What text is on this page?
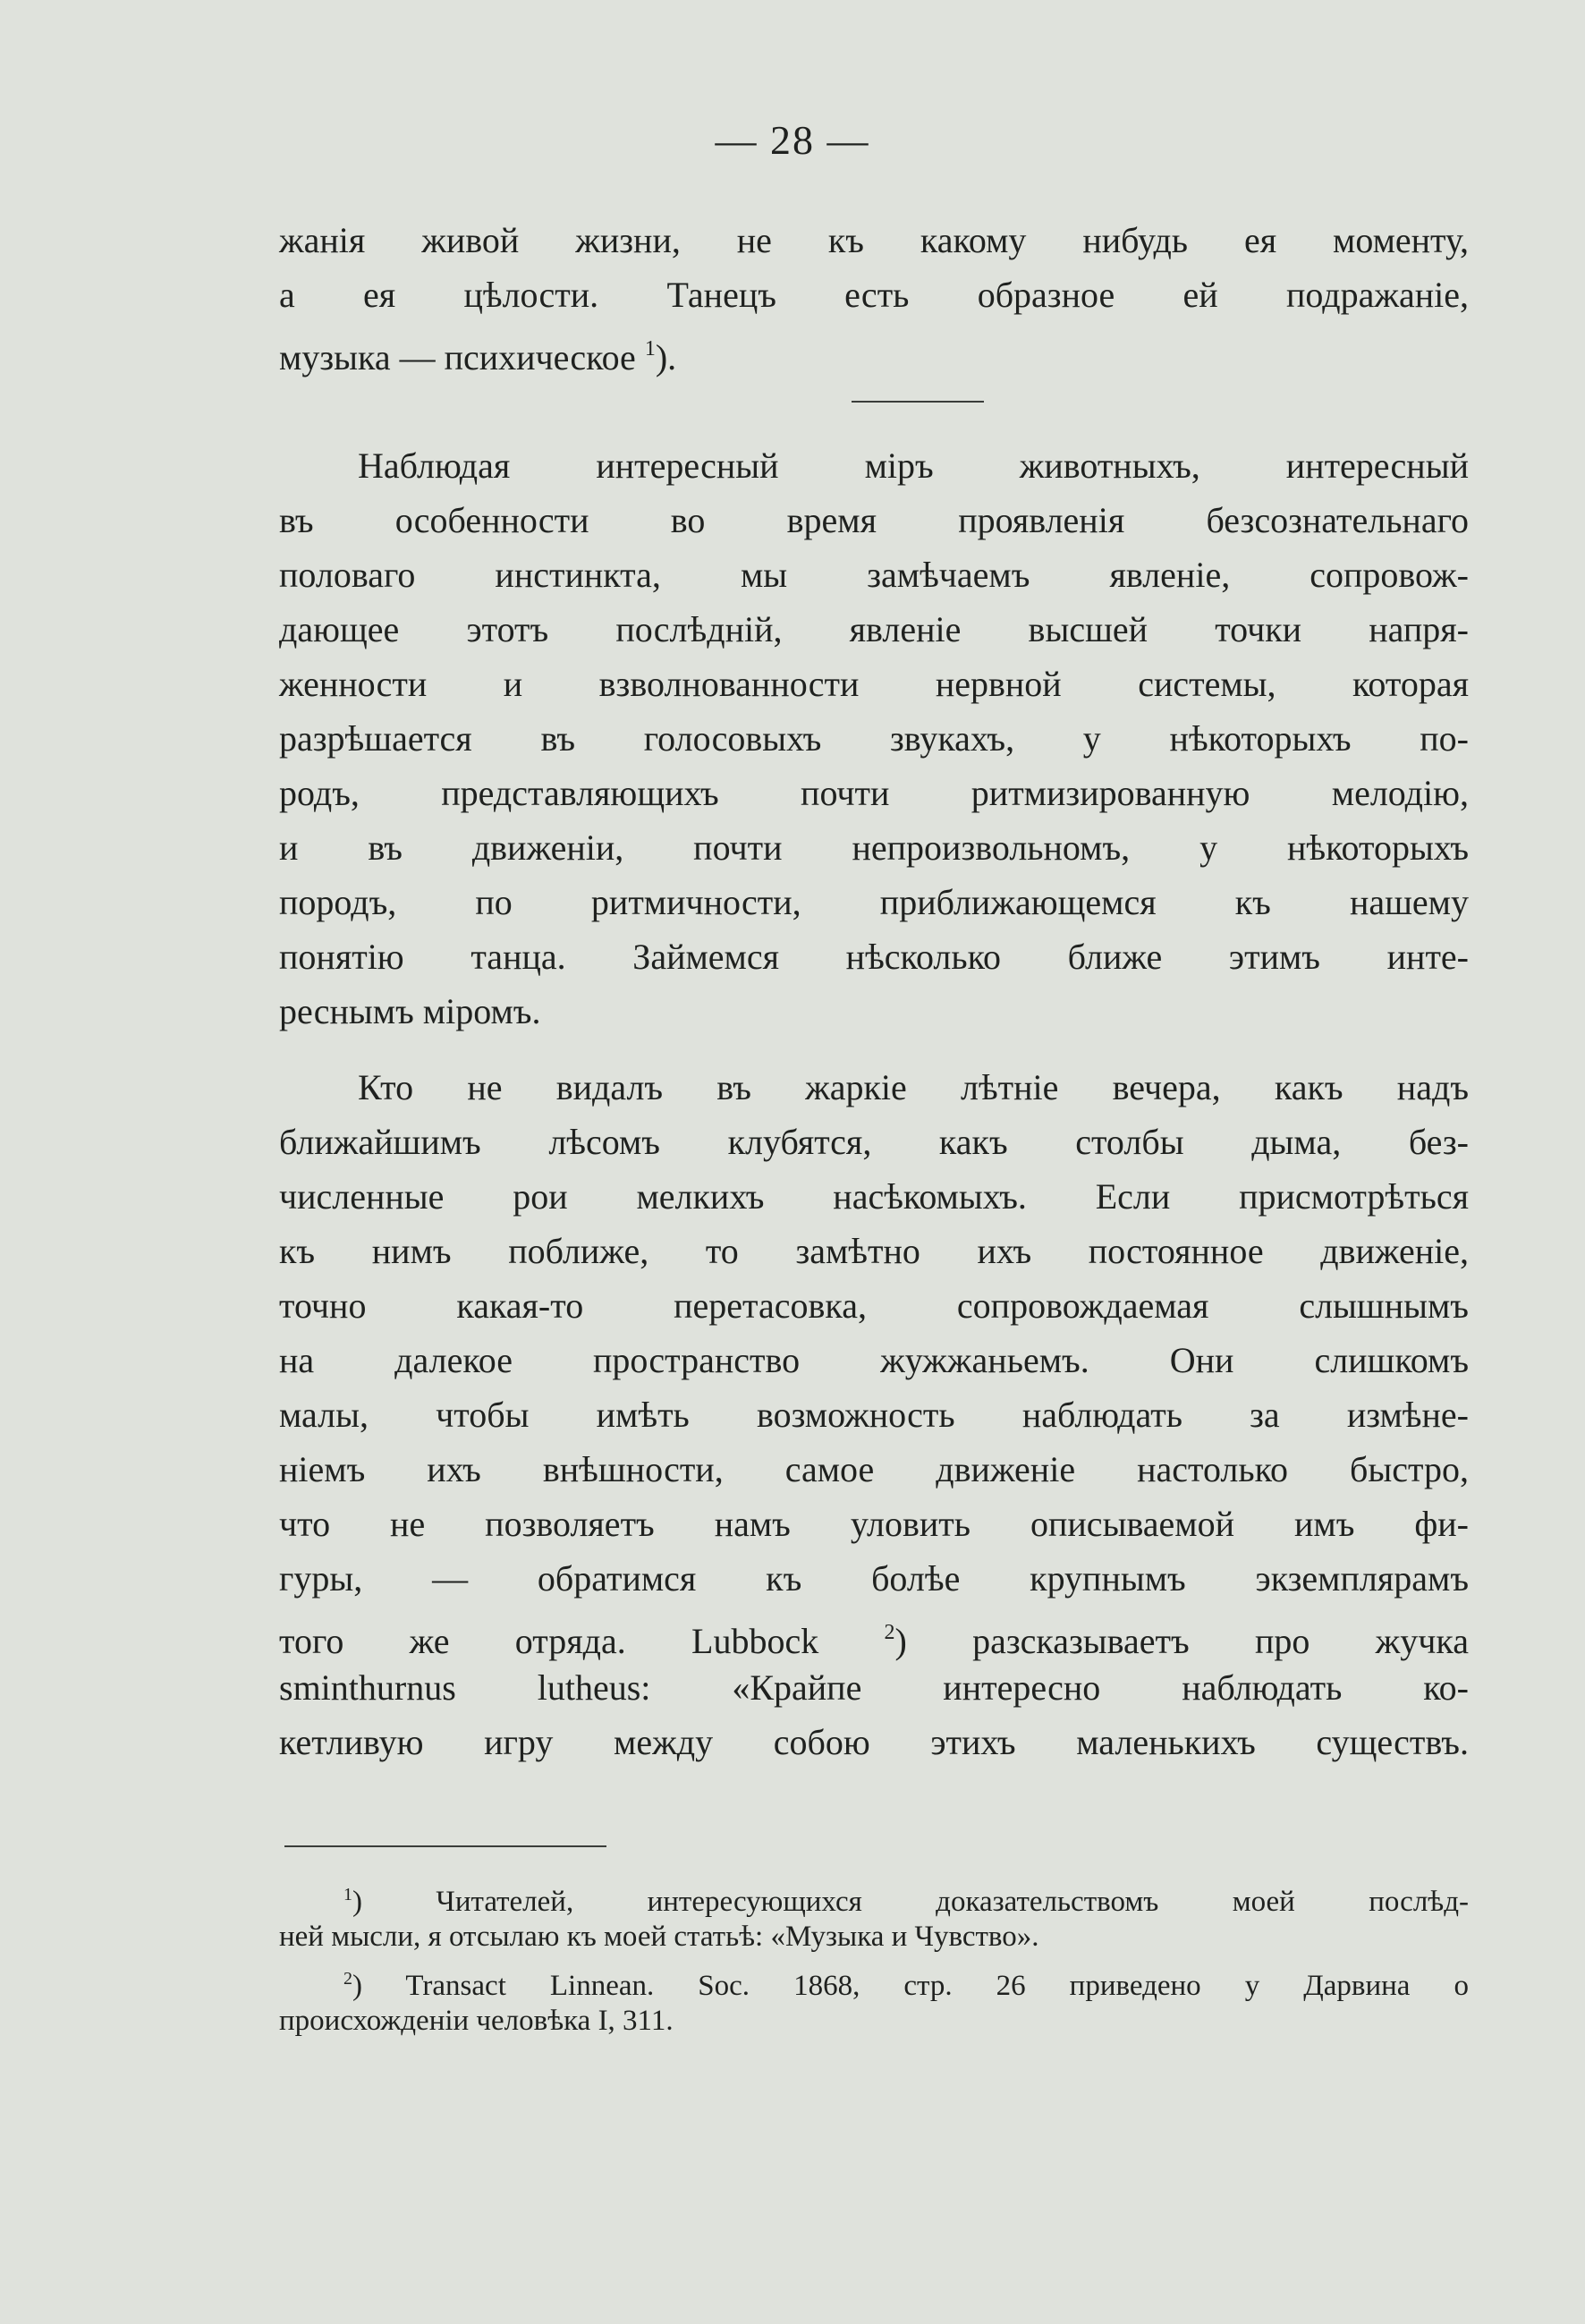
— 28 —
жанія живой жизни, не къ какому нибудь ея моменту,
а ея цѣлости. Танецъ есть образное ей подражаніе,
музыка — психическое $^1$).
Наблюдая интересный міръ животныхъ, интересный
въ особенности во время проявленія безсознательнаго
половаго инстинкта, мы замѣчаемъ явленіе, сопровож-
дающее этотъ послѣдній, явленіе высшей точки напря-
женности и взволнованности нервной системы, которая
разрѣшается въ голосовыхъ звукахъ, у нѣкоторыхъ по-
родъ, представляющихъ почти ритмизированную мелодію,
и въ движеніи, почти непроизвольномъ, у нѣкоторыхъ
породъ, по ритмичности, приближающемся къ нашему
понятію танца. Займемся нѣсколько ближе этимъ инте-
реснымъ міромъ.
Кто не видалъ въ жаркіе лѣтніе вечера, какъ надъ
ближайшимъ лѣсомъ клубятся, какъ столбы дыма, без-
численные рои мелкихъ насѣкомыхъ. Если присмотрѣться
къ нимъ поближе, то замѣтно ихъ постоянное движеніе,
точно какая-то перетасовка, сопровождаемая слышнымъ
на далекое пространство жужжаньемъ. Они слишкомъ
малы, чтобы имѣть возможность наблюдать за измѣне-
ніемъ ихъ внѣшности, самое движеніе настолько быстро,
что не позволяетъ намъ уловить описываемой имъ фи-
гуры, — обратимся къ болѣе крупнымъ экземплярамъ
того же отряда. Lubbock	$^2$) разсказываетъ про жучка
sminthurnus lutheus: «Крайпе интересно наблюдать ко-
кетливую игру между собою этихъ маленькихъ существъ.
$^1$) Читателей, интересующихся доказательствомъ моей послѣд-
ней мысли, я отсылаю къ моей статьѣ: «Музыка и Чувство».
$^2$) Transact Linnean. Soc. 1868, стр. 26 приведено у Дарвина о
происхожденіи человѣка I, 311.
